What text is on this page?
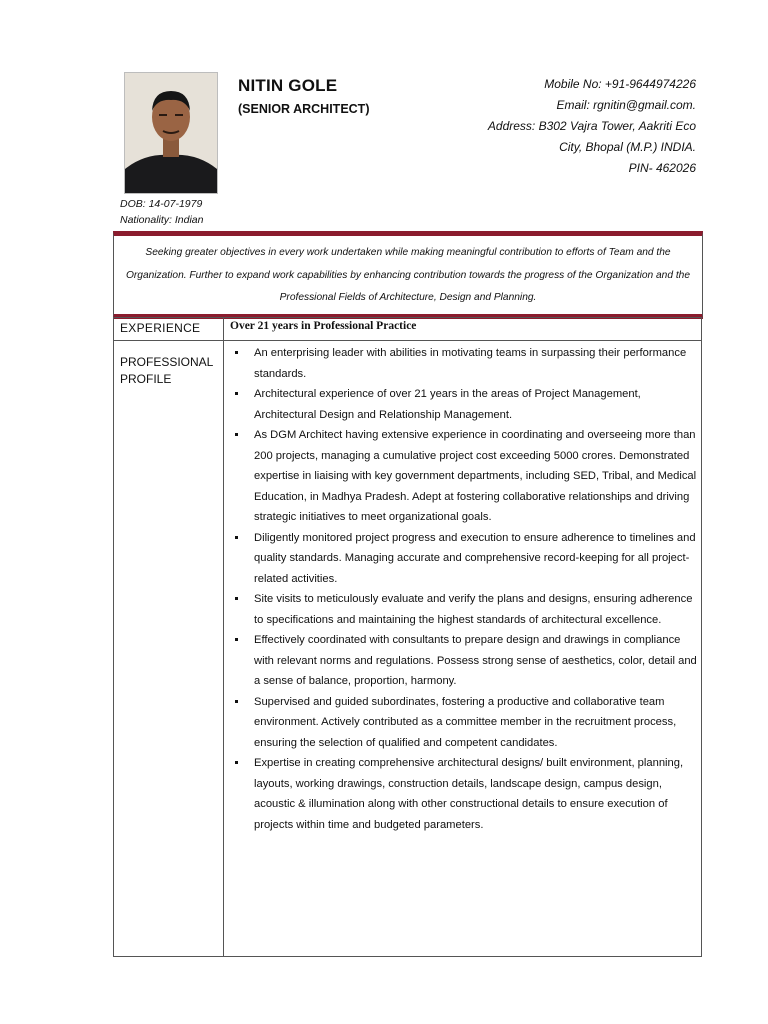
NITIN GOLE
(SENIOR ARCHITECT)
Mobile No: +91-9644974226
Email: rgnitin@gmail.com.
Address: B302 Vajra Tower, Aakriti Eco
City, Bhopal (M.P.) INDIA.
PIN- 462026
DOB: 14-07-1979
Nationality: Indian

Seeking greater objectives in every work undertaken while making meaningful contribution to efforts of Team and the Organization. Further to expand work capabilities by enhancing contribution towards the progress of the Organization and the Professional Fields of Architecture, Design and Planning.

EXPERIENCE	Over 21 years in Professional Practice
PROFESSIONAL PROFILE
An enterprising leader with abilities in motivating teams in surpassing their performance standards.
Architectural experience of over 21 years in the areas of Project Management, Architectural Design and Relationship Management.
As DGM Architect having extensive experience in coordinating and overseeing more than 200 projects, managing a cumulative project cost exceeding 5000 crores. Demonstrated expertise in liaising with key government departments, including SED, Tribal, and Medical Education, in Madhya Pradesh. Adept at fostering collaborative relationships and driving strategic initiatives to meet organizational goals.
Diligently monitored project progress and execution to ensure adherence to timelines and quality standards. Managing accurate and comprehensive record-keeping for all project-related activities.
Site visits to meticulously evaluate and verify the plans and designs, ensuring adherence to specifications and maintaining the highest standards of architectural excellence.
Effectively coordinated with consultants to prepare design and drawings in compliance with relevant norms and regulations. Possess strong sense of aesthetics, color, detail and a sense of balance, proportion, harmony.
Supervised and guided subordinates, fostering a productive and collaborative team environment. Actively contributed as a committee member in the recruitment process, ensuring the selection of qualified and competent candidates.
Expertise in creating comprehensive architectural designs/ built environment, planning, layouts, working drawings, construction details, landscape design, campus design, acoustic & illumination along with other constructional details to ensure execution of projects within time and budgeted parameters.
